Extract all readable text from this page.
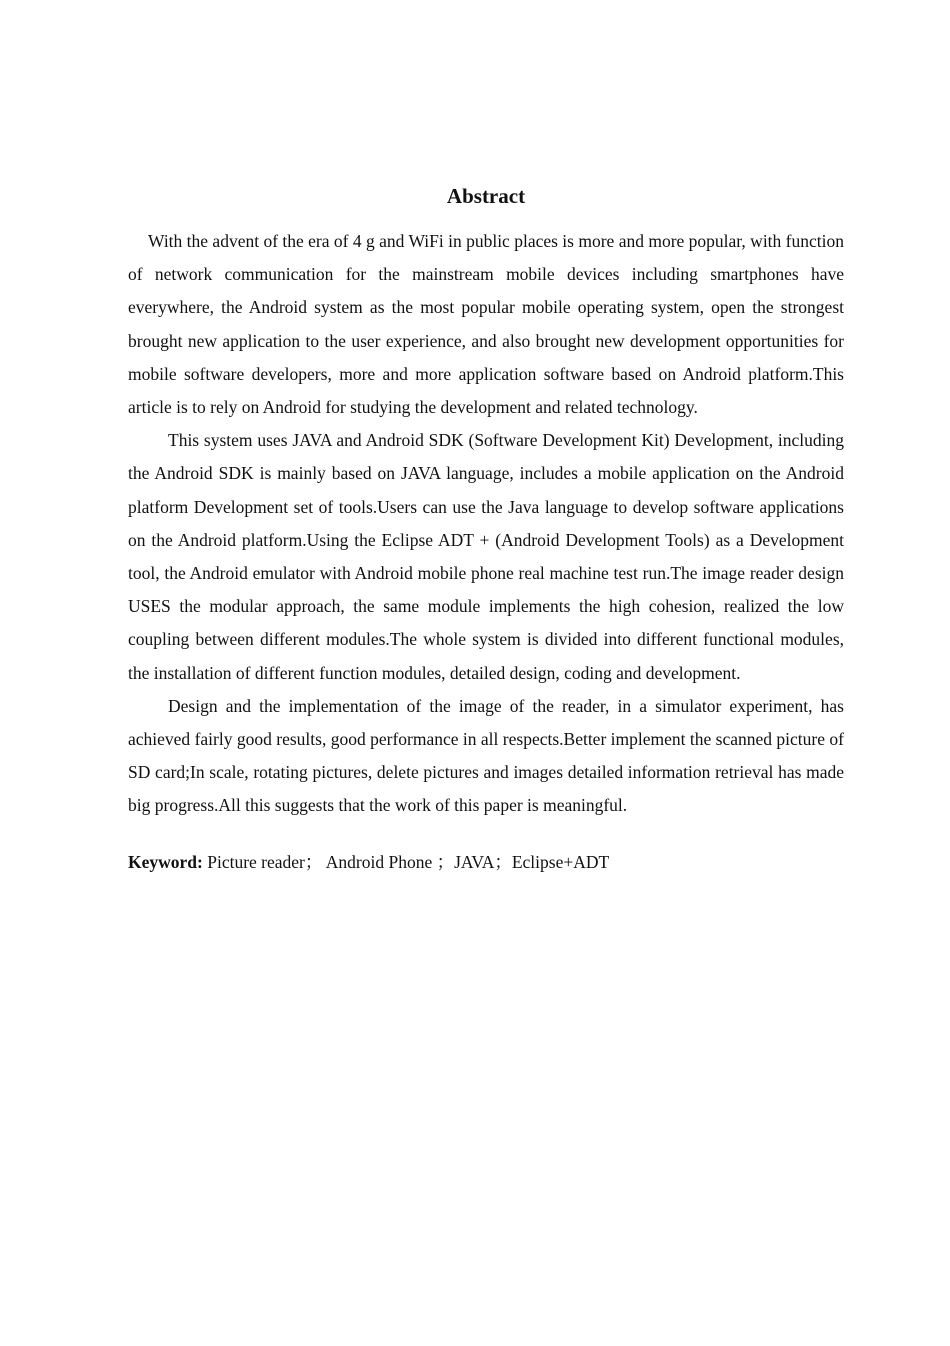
Abstract

With the advent of the era of 4 g and WiFi in public places is more and more popular, with function of network communication for the mainstream mobile devices including smartphones have everywhere, the Android system as the most popular mobile operating system, open the strongest brought new application to the user experience, and also brought new development opportunities for mobile software developers, more and more application software based on Android platform.This article is to rely on Android for studying the development and related technology.

This system uses JAVA and Android SDK (Software Development Kit) Development, including the Android SDK is mainly based on JAVA language, includes a mobile application on the Android platform Development set of tools.Users can use the Java language to develop software applications on the Android platform.Using the Eclipse ADT + (Android Development Tools) as a Development tool, the Android emulator with Android mobile phone real machine test run.The image reader design USES the modular approach, the same module implements the high cohesion, realized the low coupling between different modules.The whole system is divided into different functional modules, the installation of different function modules, detailed design, coding and development.

Design and the implementation of the image of the reader, in a simulator experiment, has achieved fairly good results, good performance in all respects.Better implement the scanned picture of SD card;In scale, rotating pictures, delete pictures and images detailed information retrieval has made big progress.All this suggests that the work of this paper is meaningful.

Keyword: Picture reader； Android Phone ；JAVA；Eclipse+ADT
